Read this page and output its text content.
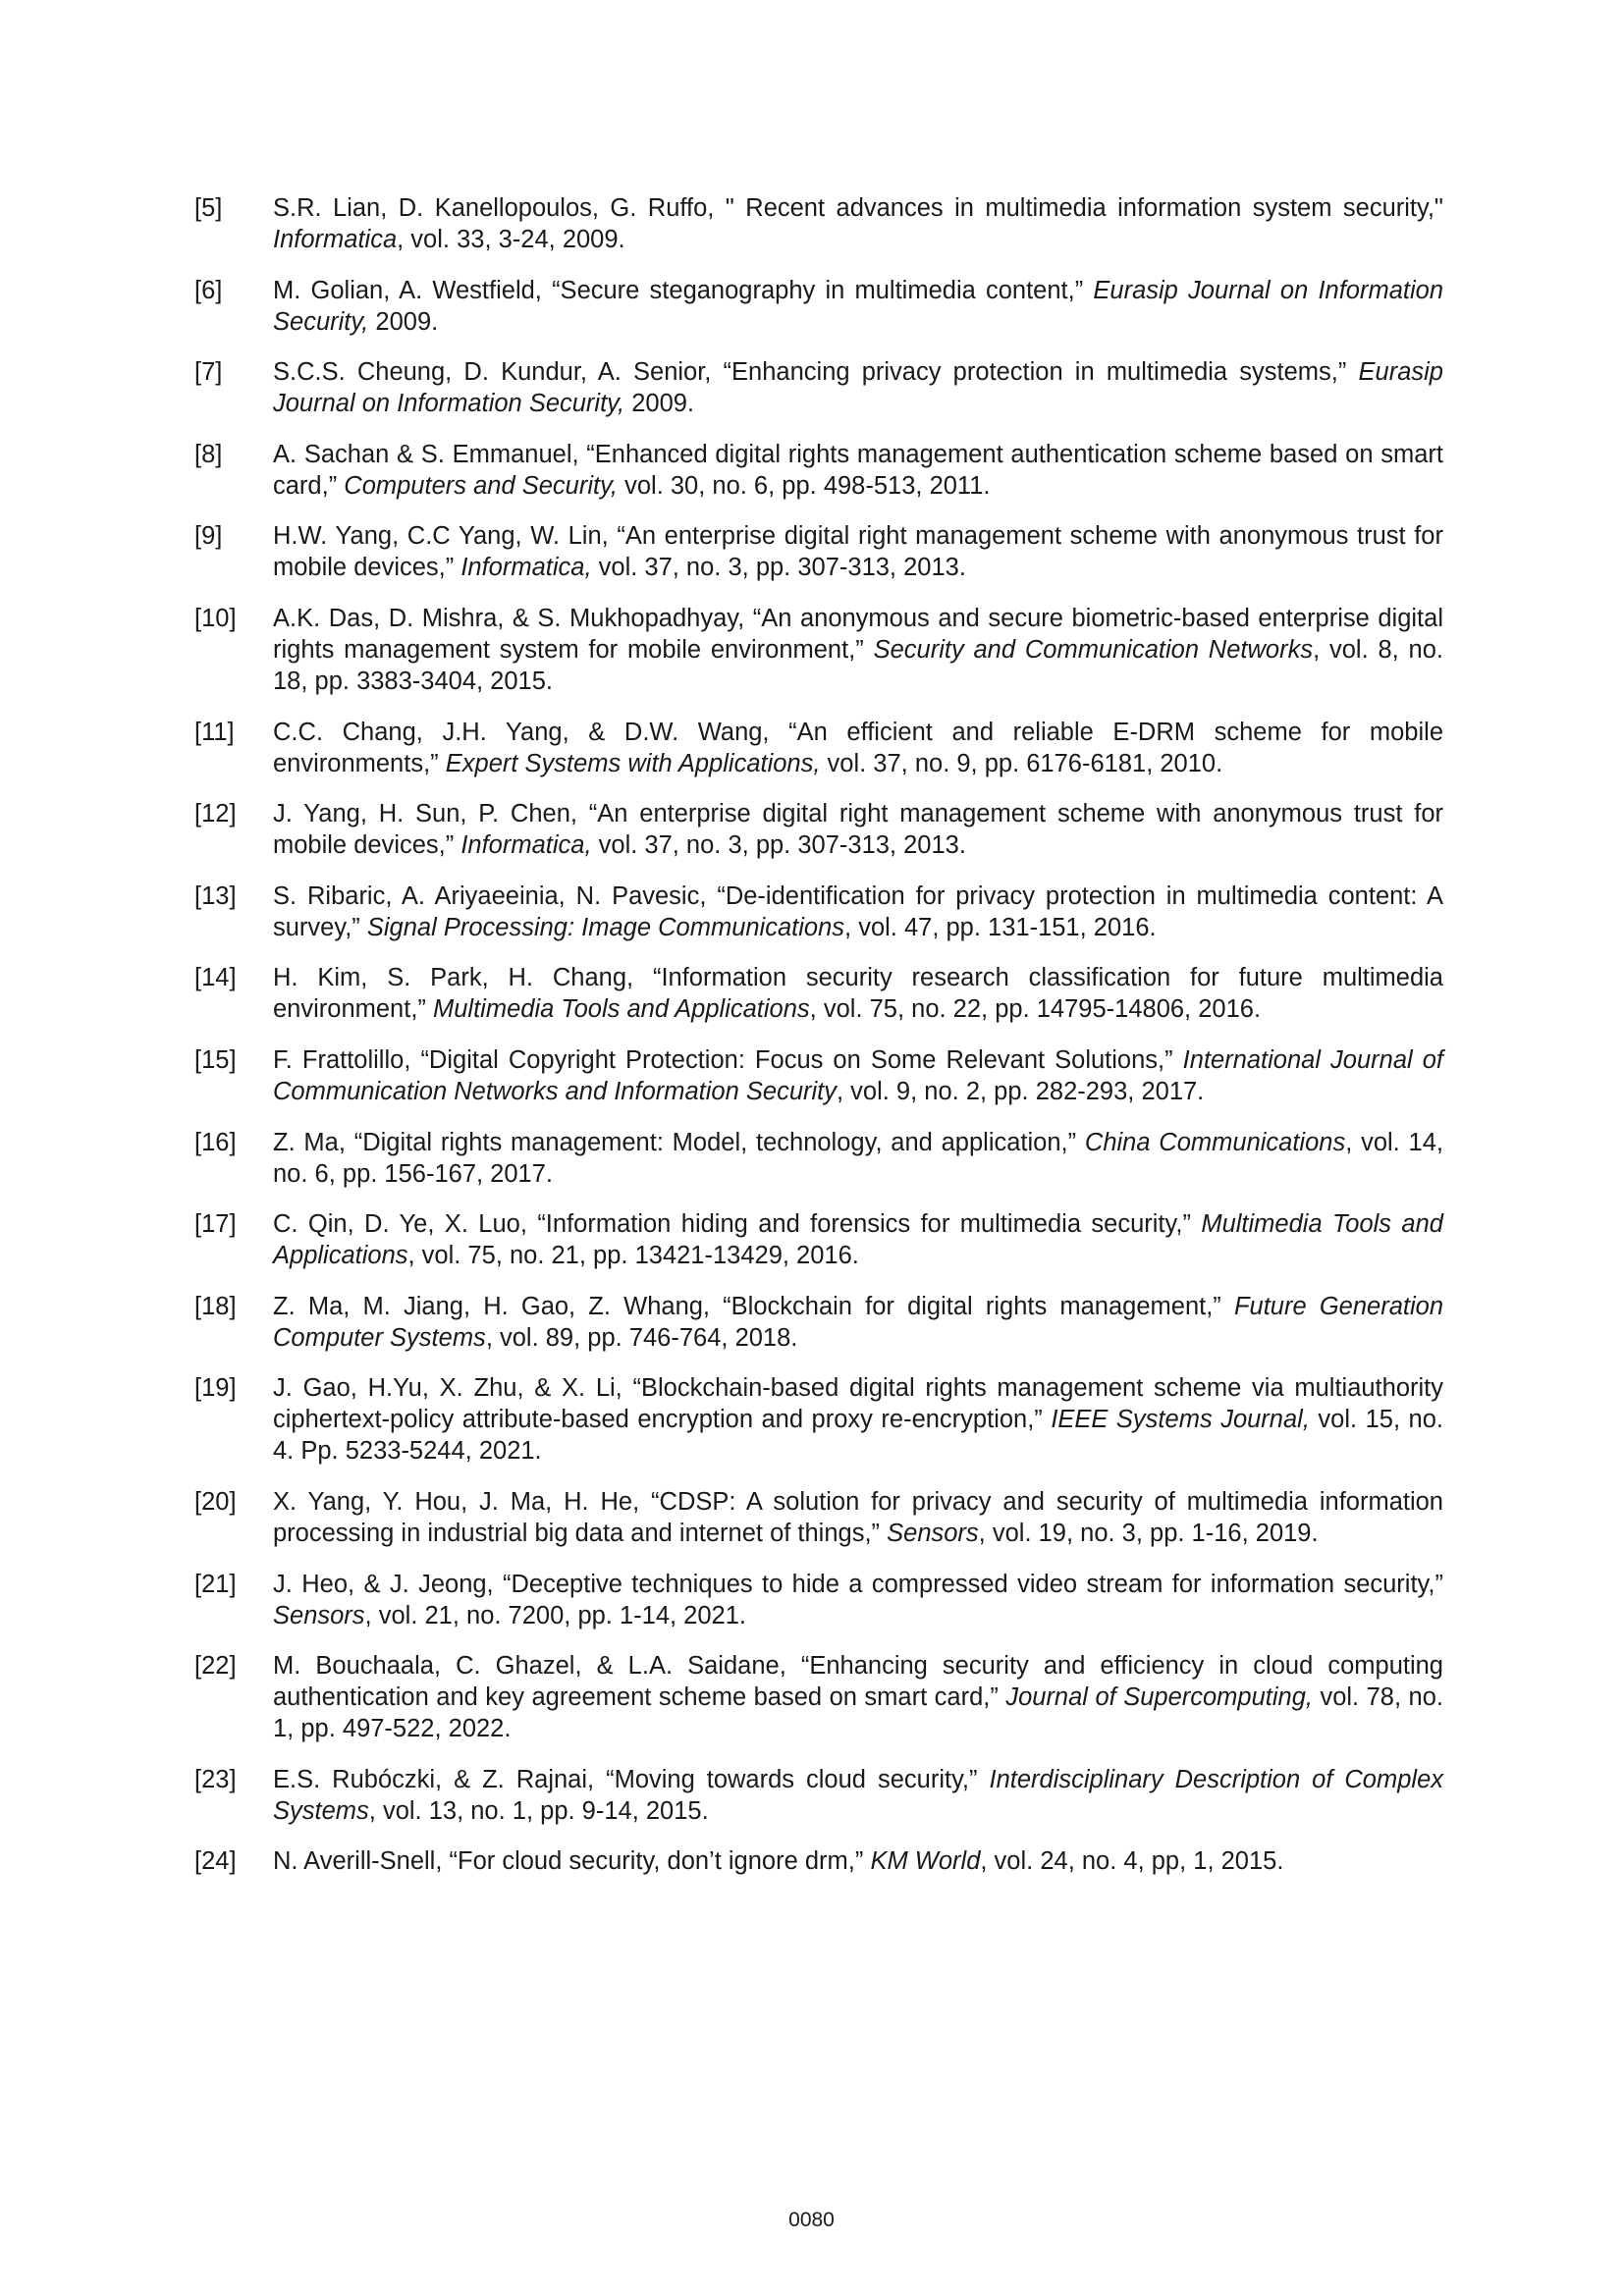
[5]	S.R. Lian, D. Kanellopoulos, G. Ruffo, " Recent advances in multimedia information system security," Informatica, vol. 33, 3-24, 2009.
[6]	M. Golian, A. Westfield, “Secure steganography in multimedia content,” Eurasip Journal on Information Security, 2009.
[7]	S.C.S. Cheung, D. Kundur, A. Senior, “Enhancing privacy protection in multimedia systems,” Eurasip Journal on Information Security, 2009.
[8]	A. Sachan & S. Emmanuel, “Enhanced digital rights management authentication scheme based on smart card,” Computers and Security, vol. 30, no. 6, pp. 498-513, 2011.
[9]	H.W. Yang, C.C Yang, W. Lin, “An enterprise digital right management scheme with anonymous trust for mobile devices,” Informatica, vol. 37, no. 3, pp. 307-313, 2013.
[10]	A.K. Das, D. Mishra, & S. Mukhopadhyay, “An anonymous and secure biometric-based enterprise digital rights management system for mobile environment,” Security and Communication Networks, vol. 8, no. 18, pp. 3383-3404, 2015.
[11]	C.C. Chang, J.H. Yang, & D.W. Wang, “An efficient and reliable E-DRM scheme for mobile environments,” Expert Systems with Applications, vol. 37, no. 9, pp. 6176-6181, 2010.
[12]	J. Yang, H. Sun, P. Chen, “An enterprise digital right management scheme with anonymous trust for mobile devices,” Informatica, vol. 37, no. 3, pp. 307-313, 2013.
[13]	S. Ribaric, A. Ariyaeeinia, N. Pavesic, “De-identification for privacy protection in multimedia content: A survey,” Signal Processing: Image Communications, vol. 47, pp. 131-151, 2016.
[14]	H. Kim, S. Park, H. Chang, “Information security research classification for future multimedia environment,” Multimedia Tools and Applications, vol. 75, no. 22, pp. 14795-14806, 2016.
[15]	F. Frattolillo, “Digital Copyright Protection: Focus on Some Relevant Solutions,” International Journal of Communication Networks and Information Security, vol. 9, no. 2, pp. 282-293, 2017.
[16]	Z. Ma, “Digital rights management: Model, technology, and application,” China Communications, vol. 14, no. 6, pp. 156-167, 2017.
[17]	C. Qin, D. Ye, X. Luo, “Information hiding and forensics for multimedia security,” Multimedia Tools and Applications, vol. 75, no. 21, pp. 13421-13429, 2016.
[18]	Z. Ma, M. Jiang, H. Gao, Z. Whang, “Blockchain for digital rights management,” Future Generation Computer Systems, vol. 89, pp. 746-764, 2018.
[19]	J. Gao, H.Yu, X. Zhu, & X. Li, “Blockchain-based digital rights management scheme via multiauthority ciphertext-policy attribute-based encryption and proxy re-encryption,” IEEE Systems Journal, vol. 15, no. 4. Pp. 5233-5244, 2021.
[20]	X. Yang, Y. Hou, J. Ma, H. He, “CDSP: A solution for privacy and security of multimedia information processing in industrial big data and internet of things,” Sensors, vol. 19, no. 3, pp. 1-16, 2019.
[21]	J. Heo, & J. Jeong, “Deceptive techniques to hide a compressed video stream for information security,” Sensors, vol. 21, no. 7200, pp. 1-14, 2021.
[22]	M. Bouchaala, C. Ghazel, & L.A. Saidane, “Enhancing security and efficiency in cloud computing authentication and key agreement scheme based on smart card,” Journal of Supercomputing, vol. 78, no. 1, pp. 497-522, 2022.
[23]	E.S. Rubóczki, & Z. Rajnai, “Moving towards cloud security,” Interdisciplinary Description of Complex Systems, vol. 13, no. 1, pp. 9-14, 2015.
[24]	N. Averill-Snell, “For cloud security, don’t ignore drm,” KM World, vol. 24, no. 4, pp, 1, 2015.
0080
